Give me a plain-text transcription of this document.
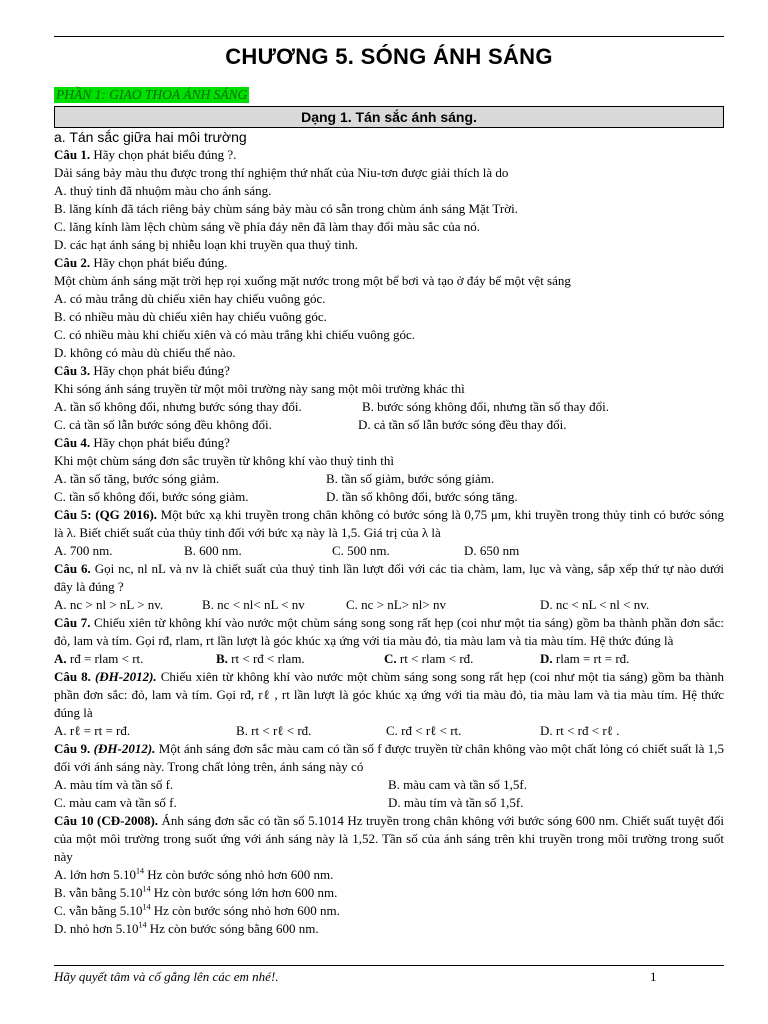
CHƯƠNG 5. SÓNG ÁNH SÁNG
PHẦN 1: GIAO THOA ÁNH SÁNG
Dạng 1. Tán sắc ánh sáng.
a. Tán sắc giữa hai môi trường
Câu 1. Hãy chọn phát biểu đúng ?.
Dải sáng bảy màu thu được trong thí nghiệm thứ nhất của Niu-tơn được giải thích là do
A. thuỷ tinh đã nhuộm màu cho ánh sáng.
B. lăng kính đã tách riêng bảy chùm sáng bảy màu có sẵn trong chùm ánh sáng Mặt Trời.
C. lăng kính làm lệch chùm sáng về phía đáy nên đã làm thay đổi màu sắc của nó.
D. các hạt ánh sáng bị nhiễu loạn khi truyền qua thuỷ tinh.
Câu 2. Hãy chọn phát biểu đúng.
Một chùm ánh sáng mặt trời hẹp rọi xuống mặt nước trong một bể bơi và tạo ở đáy bể một vệt sáng
A. có màu trắng dù chiếu xiên hay chiếu vuông góc.
B. có nhiều màu dù chiếu xiên hay chiếu vuông góc.
C. có nhiều màu khi chiếu xiên và có màu trắng khi chiếu vuông góc.
D. không có màu dù chiếu thế nào.
Câu 3. Hãy chọn phát biểu đúng?
Khi sóng ánh sáng truyền từ một môi trường này sang một môi trường khác thì
A. tần số không đổi, nhưng bước sóng thay đổi.	B. bước sóng không đổi, nhưng tần số thay đổi.
C. cả tần số lẫn bước sóng đều không đổi.	D. cả tần số lẫn bước sóng đều thay đổi.
Câu 4. Hãy chọn phát biểu đúng?
Khi một chùm sáng đơn sắc truyền từ không khí vào thuỷ tinh thì
A. tần số tăng, bước sóng giảm.	B. tần số giảm, bước sóng giảm.
C. tần số không đổi, bước sóng giảm.	D. tần số không đổi, bước sóng tăng.
Câu 5: (QG 2016). Một bức xạ khi truyền trong chân không có bước sóng là 0,75 μm, khi truyền trong thủy tinh có bước sóng là λ. Biết chiết suất của thủy tinh đối với bức xạ này là 1,5. Giá trị của λ là
A. 700 nm.	B. 600 nm.	C. 500 nm.	D. 650 nm
Câu 6. Gọi nc, nl nL và nv là chiết suất của thuỷ tinh lần lượt đối với các tia chàm, lam, lục và vàng, sắp xếp thứ tự nào dưới đây là đúng ?
A. nc > nl > nL > nv.	B. nc < nl< nL < nv	C. nc > nL> nl> nv	D. nc < nL < nl < nv.
Câu 7. Chiếu xiên từ không khí vào nước một chùm sáng song song rất hẹp (coi như một tia sáng) gồm ba thành phần đơn sắc: đỏ, lam và tím. Gọi rđ, rlam, rt lần lượt là góc khúc xạ ứng với tia màu đỏ, tia màu lam và tia màu tím. Hệ thức đúng là
A. rđ = rlam < rt.	B. rt < rđ < rlam.	C. rt < rlam < rđ.	D. rlam = rt = rđ.
Câu 8. (ĐH-2012). Chiếu xiên từ không khí vào nước một chùm sáng song song rất hẹp (coi như một tia sáng) gồm ba thành phần đơn sắc: đỏ, lam và tím. Gọi rđ, rℓ , rt lần lượt là góc khúc xạ ứng với tia màu đỏ, tia màu lam và tia màu tím. Hệ thức đúng là
A. rℓ = rt = rđ.	B. rt < rℓ < rđ.	C. rđ < rℓ < rt.	D. rt < rđ < rℓ .
Câu 9. (ĐH-2012). Một ánh sáng đơn sắc màu cam có tần số f được truyền từ chân không vào một chất lỏng có chiết suất là 1,5 đối với ánh sáng này. Trong chất lỏng trên, ánh sáng này có
A. màu tím và tần số f.	B. màu cam và tần số 1,5f.
C. màu cam và tần số f.	D. màu tím và tần số 1,5f.
Câu 10 (CĐ-2008). Ánh sáng đơn sắc có tần số 5.1014 Hz truyền trong chân không với bước sóng 600 nm. Chiết suất tuyệt đối của một môi trường trong suốt ứng với ánh sáng này là 1,52. Tần số của ánh sáng trên khi truyền trong môi trường trong suốt này
A. lớn hơn 5.10$^{14}$ Hz còn bước sóng nhỏ hơn 600 nm.
B. vẫn bằng 5.10$^{14}$ Hz còn bước sóng lớn hơn 600 nm.
C. vẫn bằng 5.10$^{14}$ Hz còn bước sóng nhỏ hơn 600 nm.
D. nhỏ hơn 5.10$^{14}$ Hz còn bước sóng bằng 600 nm.
Hãy quyết tâm và cố gắng lên các em nhé!.	1
